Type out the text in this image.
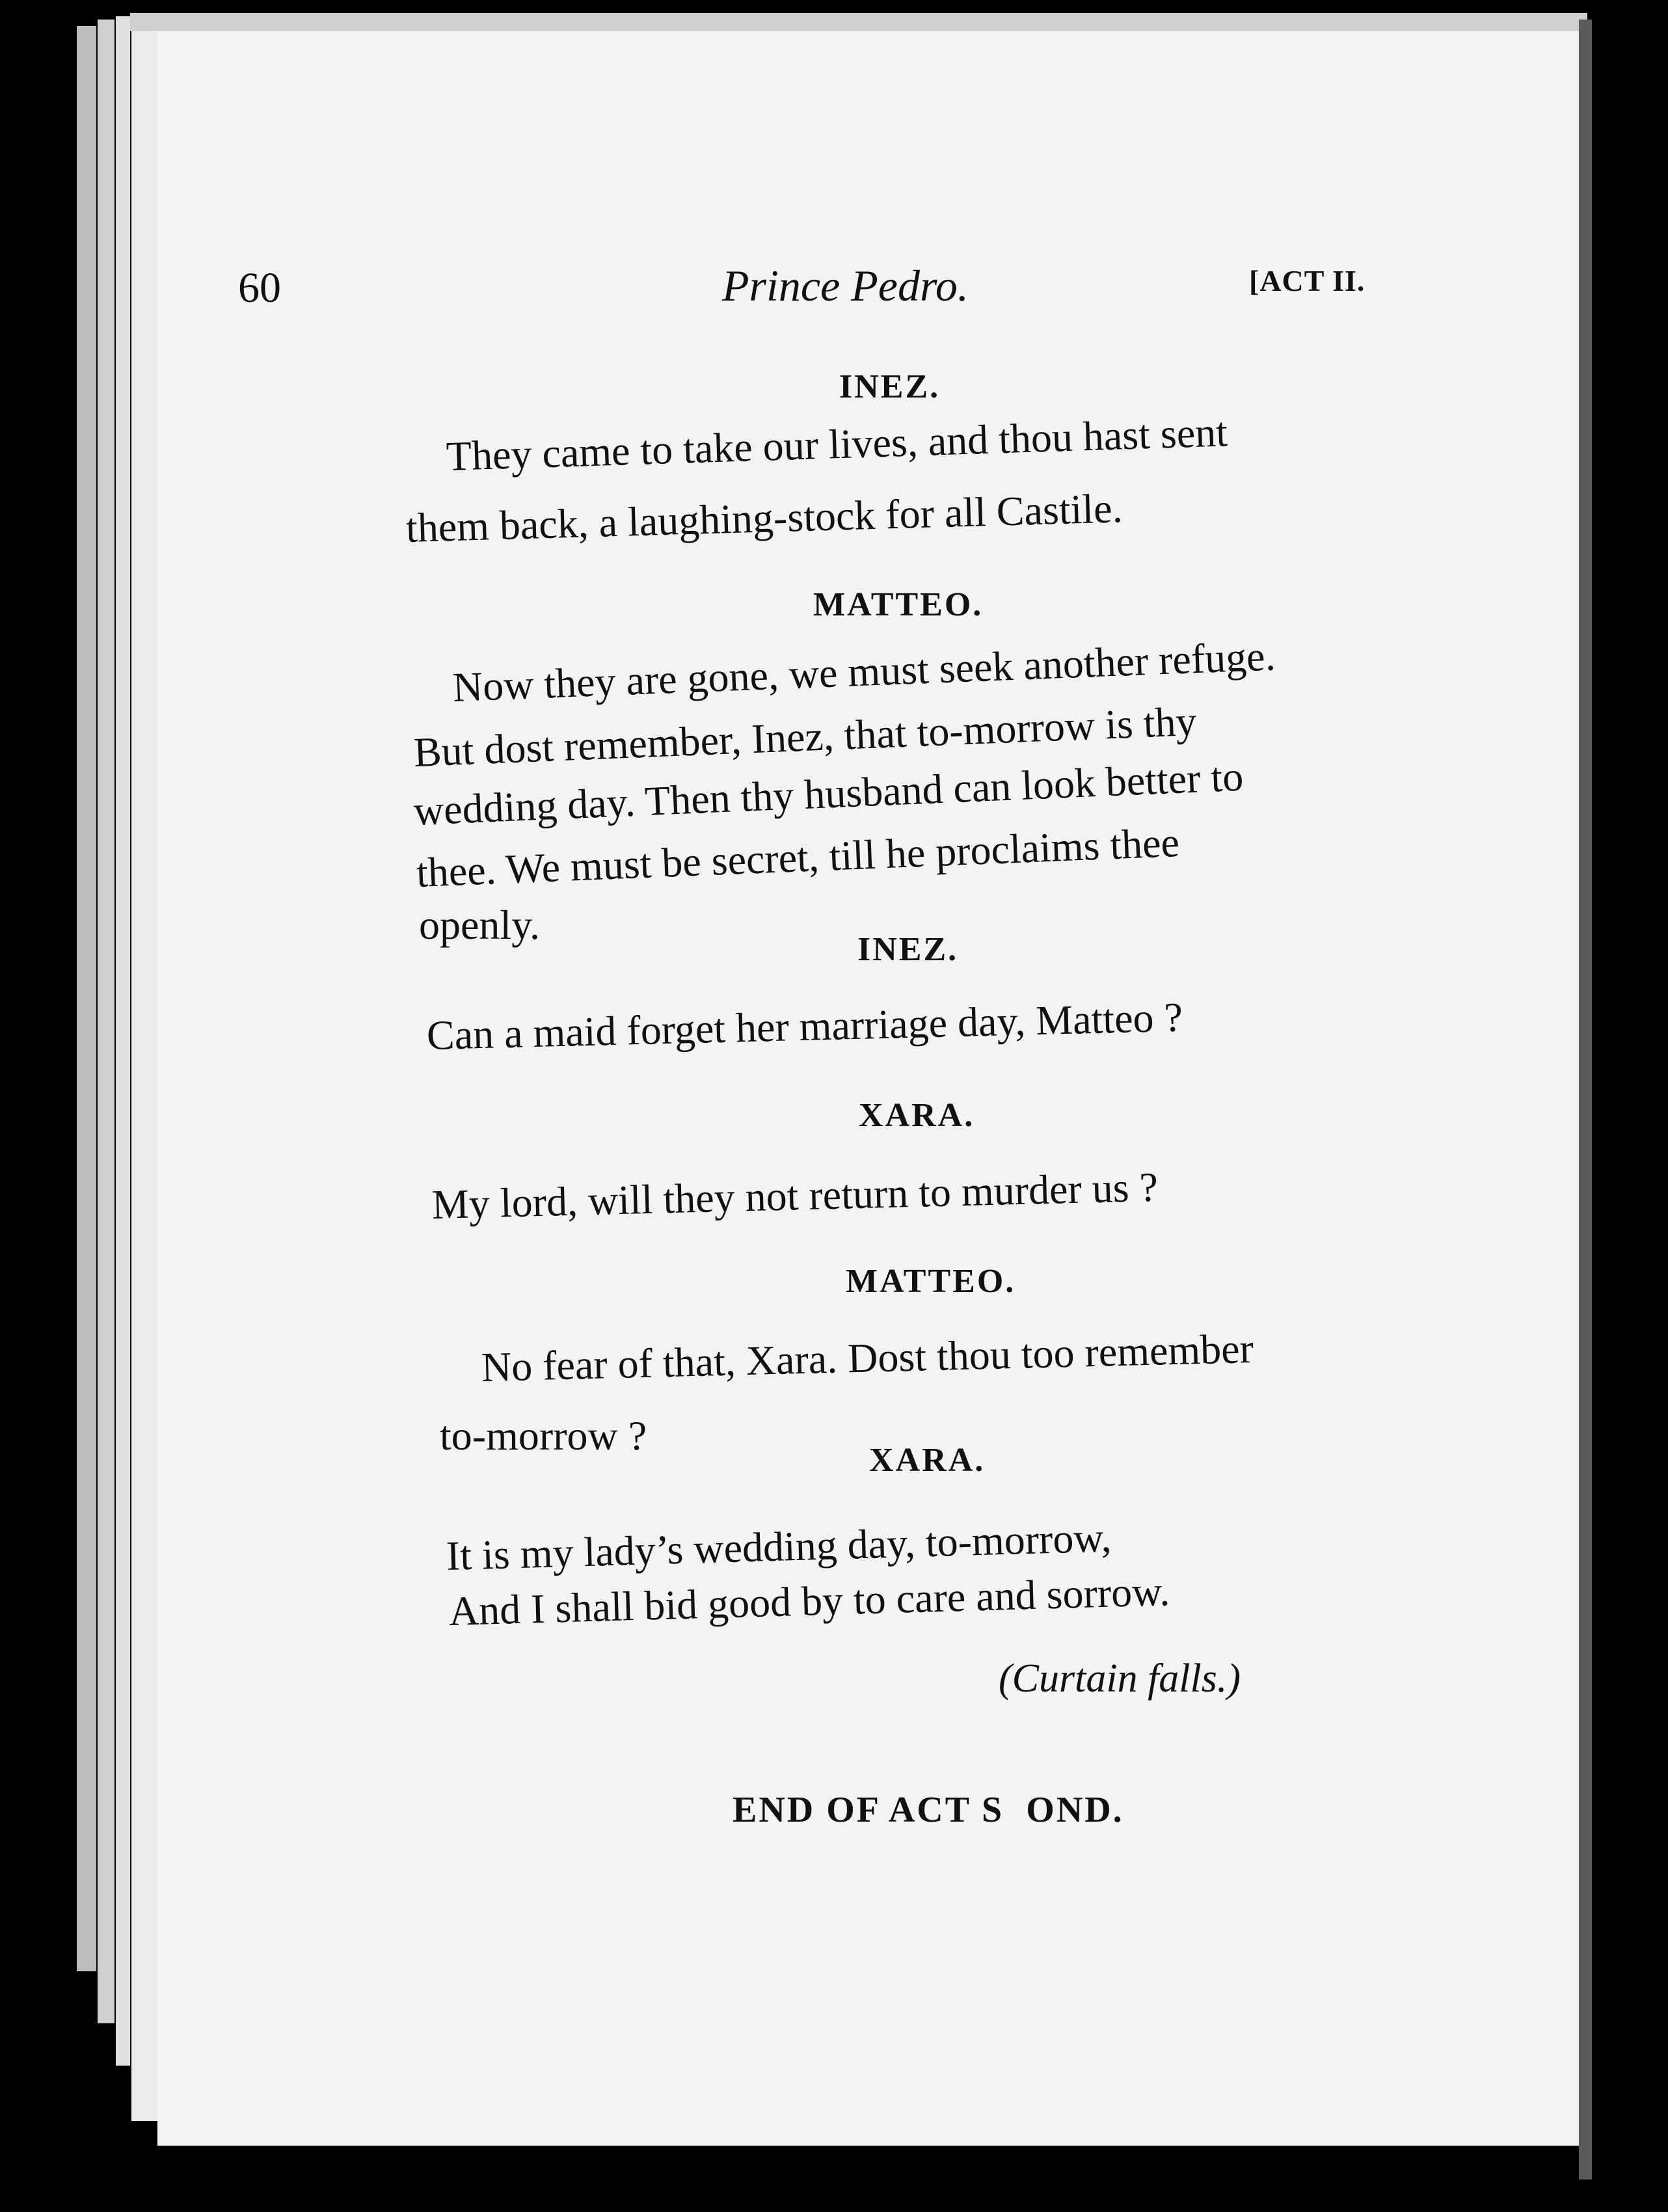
60	Prince Pedro.	[ACT II.
INEZ.
They came to take our lives, and thou hast sent
them back, a laughing-stock for all Castile.
MATTEO.
Now they are gone, we must seek another refuge.
But dost remember, Inez, that to-morrow is thy
wedding day. Then thy husband can look better to
thee. We must be secret, till he proclaims thee
openly.
INEZ.
Can a maid forget her marriage day, Matteo ?
XARA.
My lord, will they not return to murder us ?
MATTEO.
No fear of that, Xara. Dost thou too remember
to-morrow ?
XARA.
It is my lady’s wedding day, to-morrow,
And I shall bid good by to care and sorrow.
(Curtain falls.)
END OF ACT S  OND.
